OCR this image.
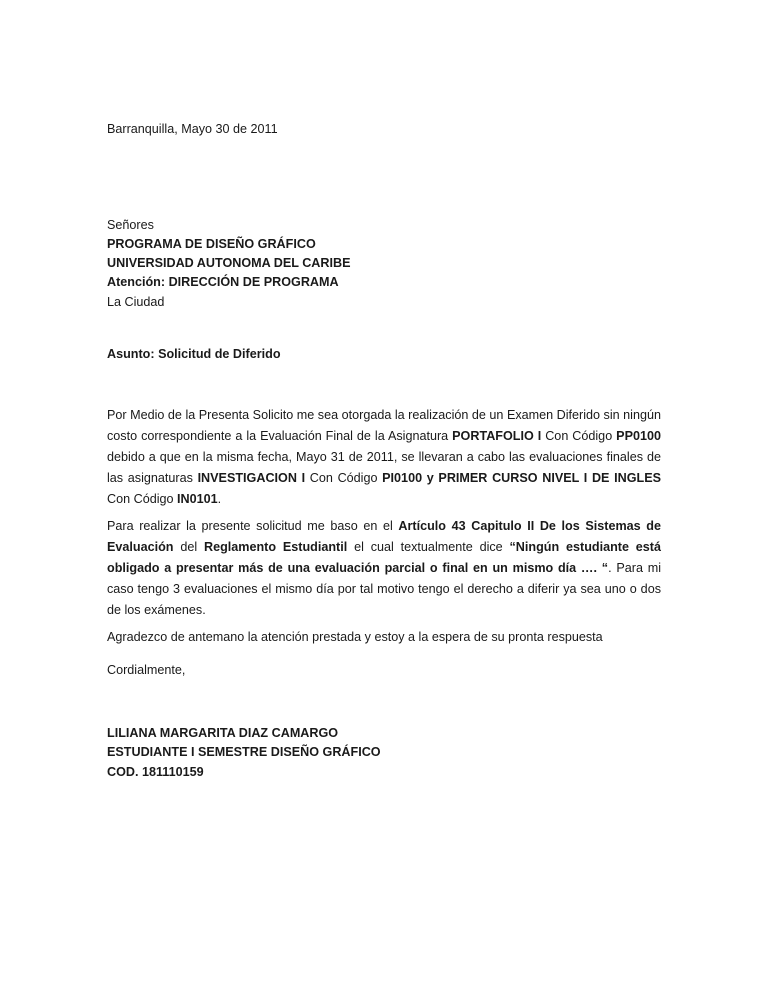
Barranquilla, Mayo 30 de 2011
Señores
PROGRAMA DE DISEÑO GRÁFICO
UNIVERSIDAD AUTONOMA DEL CARIBE
Atención: DIRECCIÓN DE PROGRAMA
La Ciudad
Asunto: Solicitud de Diferido
Por Medio de la Presenta Solicito me sea otorgada la realización de un Examen Diferido sin ningún costo correspondiente a la Evaluación Final de la Asignatura PORTAFOLIO I Con Código PP0100 debido a que en la misma fecha, Mayo 31 de 2011, se llevaran a cabo las evaluaciones finales de las asignaturas INVESTIGACION I Con Código PI0100 y PRIMER CURSO NIVEL I DE INGLES Con Código IN0101.
Para realizar la presente solicitud me baso en el Artículo 43 Capitulo II De los Sistemas de Evaluación del Reglamento Estudiantil el cual textualmente dice “Ningún estudiante está obligado a presentar más de una evaluación parcial o final en un mismo día …. “. Para mi caso tengo 3 evaluaciones el mismo día por tal motivo tengo el derecho a diferir ya sea uno o dos de los exámenes.
Agradezco de antemano la atención prestada y estoy a la espera de su pronta respuesta
Cordialmente,
LILIANA MARGARITA DIAZ CAMARGO
ESTUDIANTE I SEMESTRE DISEÑO GRÁFICO
COD. 181110159
